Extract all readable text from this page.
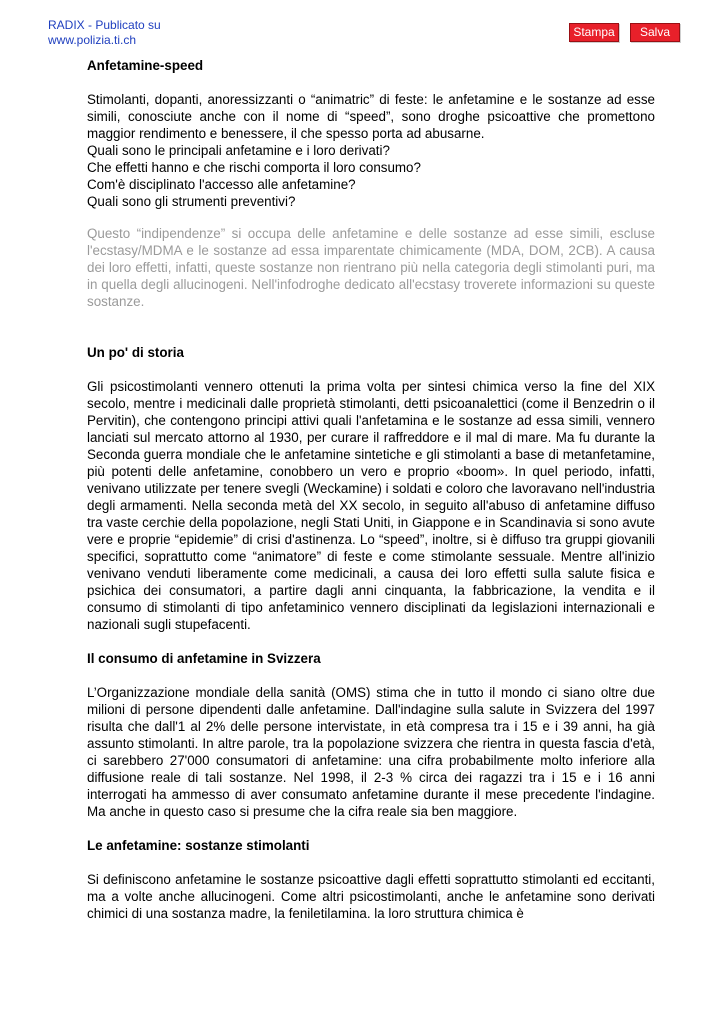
RADIX - Publicato su
www.polizia.ti.ch
Stampa	Salva
Anfetamine-speed

Stimolanti, dopanti, anoressizzanti o “animatric” di feste: le anfetamine e le sostanze ad esse simili, conosciute anche con il nome di “speed”, sono droghe psicoattive che promettono maggior rendimento e benessere, il che spesso porta ad abusarne.

Quali sono le principali anfetamine e i loro derivati?
Che effetti hanno e che rischi comporta il loro consumo?
Com'è disciplinato l'accesso alle anfetamine?
Quali sono gli strumenti preventivi?

Questo “indipendenze” si occupa delle anfetamine e delle sostanze ad esse simili, escluse l'ecstasy/MDMA e le sostanze ad essa imparentate chimicamente (MDA, DOM, 2CB). A causa dei loro effetti, infatti, queste sostanze non rientrano più nella categoria degli stimolanti puri, ma in quella degli allucinogeni. Nell'infodroghe dedicato all'ecstasy troverete informazioni su queste sostanze.

Un po' di storia

Gli psicostimolanti vennero ottenuti la prima volta per sintesi chimica verso la fine del XIX secolo, mentre i medicinali dalle proprietà stimolanti, detti psicoanalettici (come il Benzedrin o il Pervitin), che contengono principi attivi quali l'anfetamina e le sostanze ad essa simili, vennero lanciati sul mercato attorno al 1930, per curare il raffreddore e il mal di mare. Ma fu durante la Seconda guerra mondiale che le anfetamine sintetiche e gli stimolanti a base di metanfetamine, più potenti delle anfetamine, conobbero un vero e proprio «boom». In quel periodo, infatti, venivano utilizzate per tenere svegli (Weckamine) i soldati e coloro che lavoravano nell'industria degli armamenti. Nella seconda metà del XX secolo, in seguito all'abuso di anfetamine diffuso tra vaste cerchie della popolazione, negli Stati Uniti, in Giappone e in Scandinavia si sono avute vere e proprie “epidemie” di crisi d'astinenza. Lo “speed”, inoltre, si è diffuso tra gruppi giovanili specifici, soprattutto come “animatore” di feste e come stimolante sessuale. Mentre all'inizio venivano venduti liberamente come medicinali, a causa dei loro effetti sulla salute fisica e psichica dei consumatori, a partire dagli anni cinquanta, la fabbricazione, la vendita e il consumo di stimolanti di tipo anfetaminico vennero disciplinati da legislazioni internazionali e nazionali sugli stupefacenti.

Il consumo di anfetamine in Svizzera

L’Organizzazione mondiale della sanità (OMS) stima che in tutto il mondo ci siano oltre due milioni di persone dipendenti dalle anfetamine. Dall'indagine sulla salute in Svizzera del 1997 risulta che dall'1 al 2% delle persone intervistate, in età compresa tra i 15 e i 39 anni, ha già assunto stimolanti. In altre parole, tra la popolazione svizzera che rientra in questa fascia d'età, ci sarebbero 27'000 consumatori di anfetamine: una cifra probabilmente molto inferiore alla diffusione reale di tali sostanze. Nel 1998, il 2-3 % circa dei ragazzi tra i 15 e i 16 anni interrogati ha ammesso di aver consumato anfetamine durante il mese precedente l'indagine. Ma anche in questo caso si presume che la cifra reale sia ben maggiore.

Le anfetamine: sostanze stimolanti

Si definiscono anfetamine le sostanze psicoattive dagli effetti soprattutto stimolanti ed eccitanti, ma a volte anche allucinogeni. Come altri psicostimolanti, anche le anfetamine sono derivati chimici di una sostanza madre, la feniletilamina. la loro struttura chimica è
